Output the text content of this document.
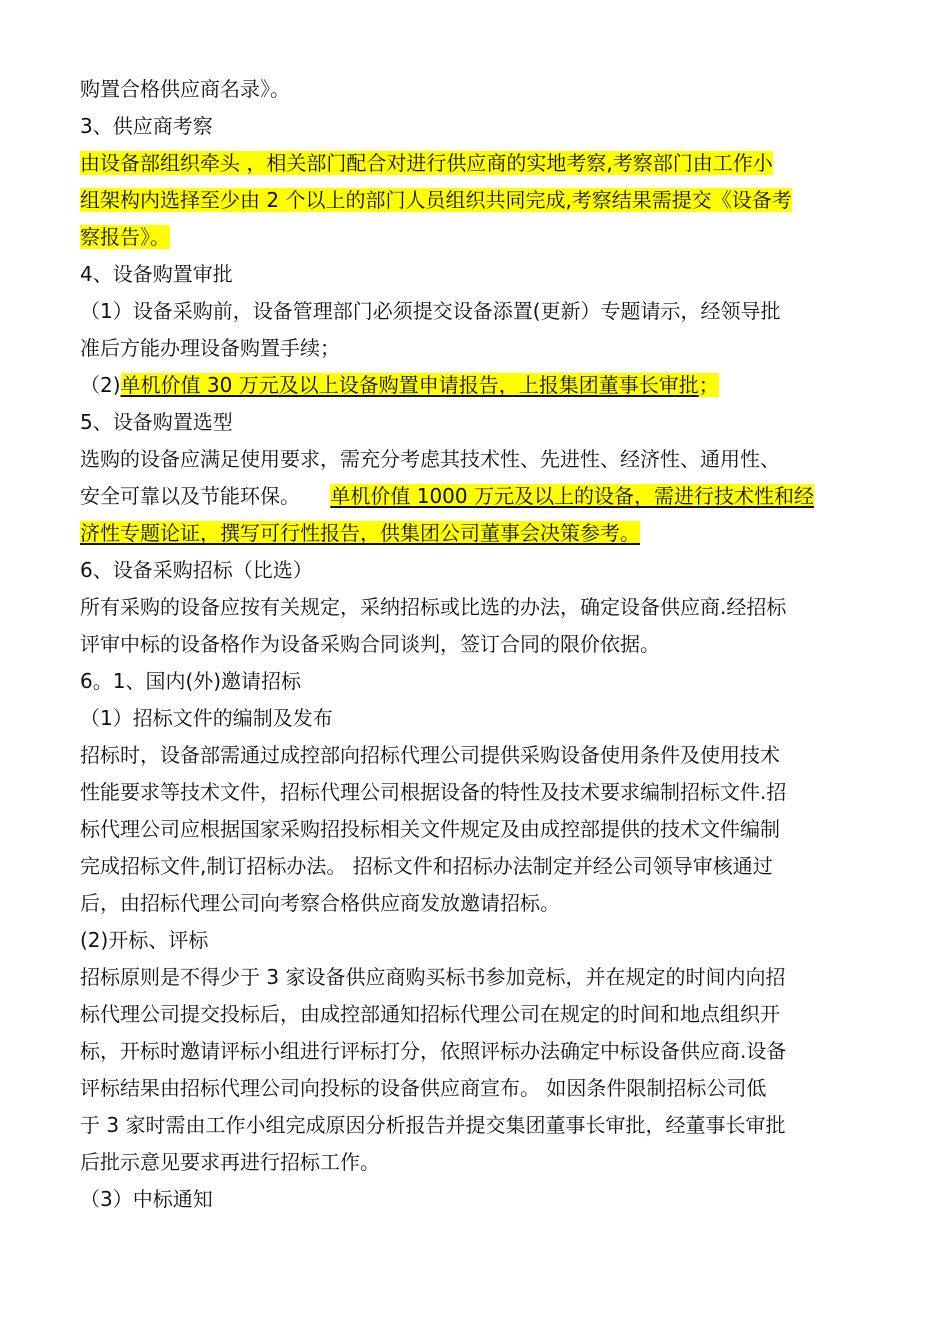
购置合格供应商名录》。
3、供应商考察
由设备部组织牵头 ，相关部门配合对进行供应商的实地考察,考察部门由工作小
组架构内选择至少由 2 个以上的部门人员组织共同完成,考察结果需提交《设备考
察报告》。
4、设备购置审批
（1）设备采购前，设备管理部门必须提交设备添置(更新）专题请示，经领导批
准后方能办理设备购置手续；
（2)单机价值 30 万元及以上设备购置申请报告，上报集团董事长审批；
5、设备购置选型
选购的设备应满足使用要求，需充分考虑其技术性、先进性、经济性、通用性、
安全可靠以及节能环保。 单机价值 1000 万元及以上的设备，需进行技术性和经
济性专题论证，撰写可行性报告，供集团公司董事会决策参考。
6、设备采购招标（比选）
所有采购的设备应按有关规定，采纳招标或比选的办法，确定设备供应商.经招标
评审中标的设备格作为设备采购合同谈判，签订合同的限价依据。
6。1、国内(外)邀请招标
（1）招标文件的编制及发布
招标时，设备部需通过成控部向招标代理公司提供采购设备使用条件及使用技术
性能要求等技术文件，招标代理公司根据设备的特性及技术要求编制招标文件.招
标代理公司应根据国家采购招投标相关文件规定及由成控部提供的技术文件编制
完成招标文件,制订招标办法。 招标文件和招标办法制定并经公司领导审核通过
后，由招标代理公司向考察合格供应商发放邀请招标。
(2)开标、评标
招标原则是不得少于 3 家设备供应商购买标书参加竞标，并在规定的时间内向招
标代理公司提交投标后，由成控部通知招标代理公司在规定的时间和地点组织开
标，开标时邀请评标小组进行评标打分，依照评标办法确定中标设备供应商.设备
评标结果由招标代理公司向投标的设备供应商宣布。 如因条件限制招标公司低
于 3 家时需由工作小组完成原因分析报告并提交集团董事长审批，经董事长审批
后批示意见要求再进行招标工作。
（3）中标通知
